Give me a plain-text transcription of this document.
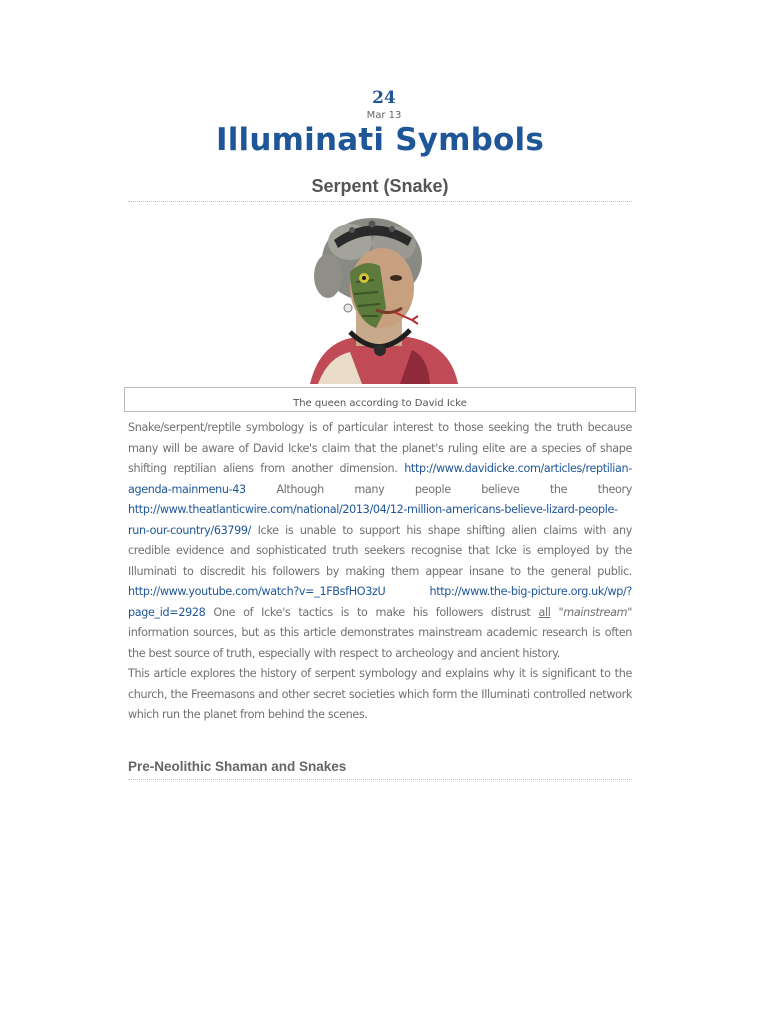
24
Mar 13
Illuminati Symbols
Serpent (Snake)
The queen according to David Icke

Snake/serpent/reptile symbology is of particular interest to those seeking the truth because many will be aware of David Icke's claim that the planet's ruling elite are a species of shape shifting reptilian aliens from another dimension. http://www.davidicke.com/articles/reptilian-agenda-mainmenu-43	Although many people believe the theory http://www.theatlanticwire.com/national/2013/04/12-million-americans-believe-lizard-people-run-our-country/63799/ Icke is unable to support his shape shifting alien claims with any credible evidence and sophisticated truth seekers recognise that Icke is employed by the Illuminati to discredit his followers by making them appear insane to the general public. http://www.youtube.com/watch?v=_1FBsfHO3zU	http://www.the-big-picture.org.uk/wp/?page_id=2928 One of Icke's tactics is to make his followers distrust all "mainstream" information sources, but as this article demonstrates mainstream academic research is often the best source of truth, especially with respect to archeology and ancient history.

This article explores the history of serpent symbology and explains why it is significant to the church, the Freemasons and other secret societies which form the Illuminati controlled network which run the planet from behind the scenes.

Pre-Neolithic Shaman and Snakes
